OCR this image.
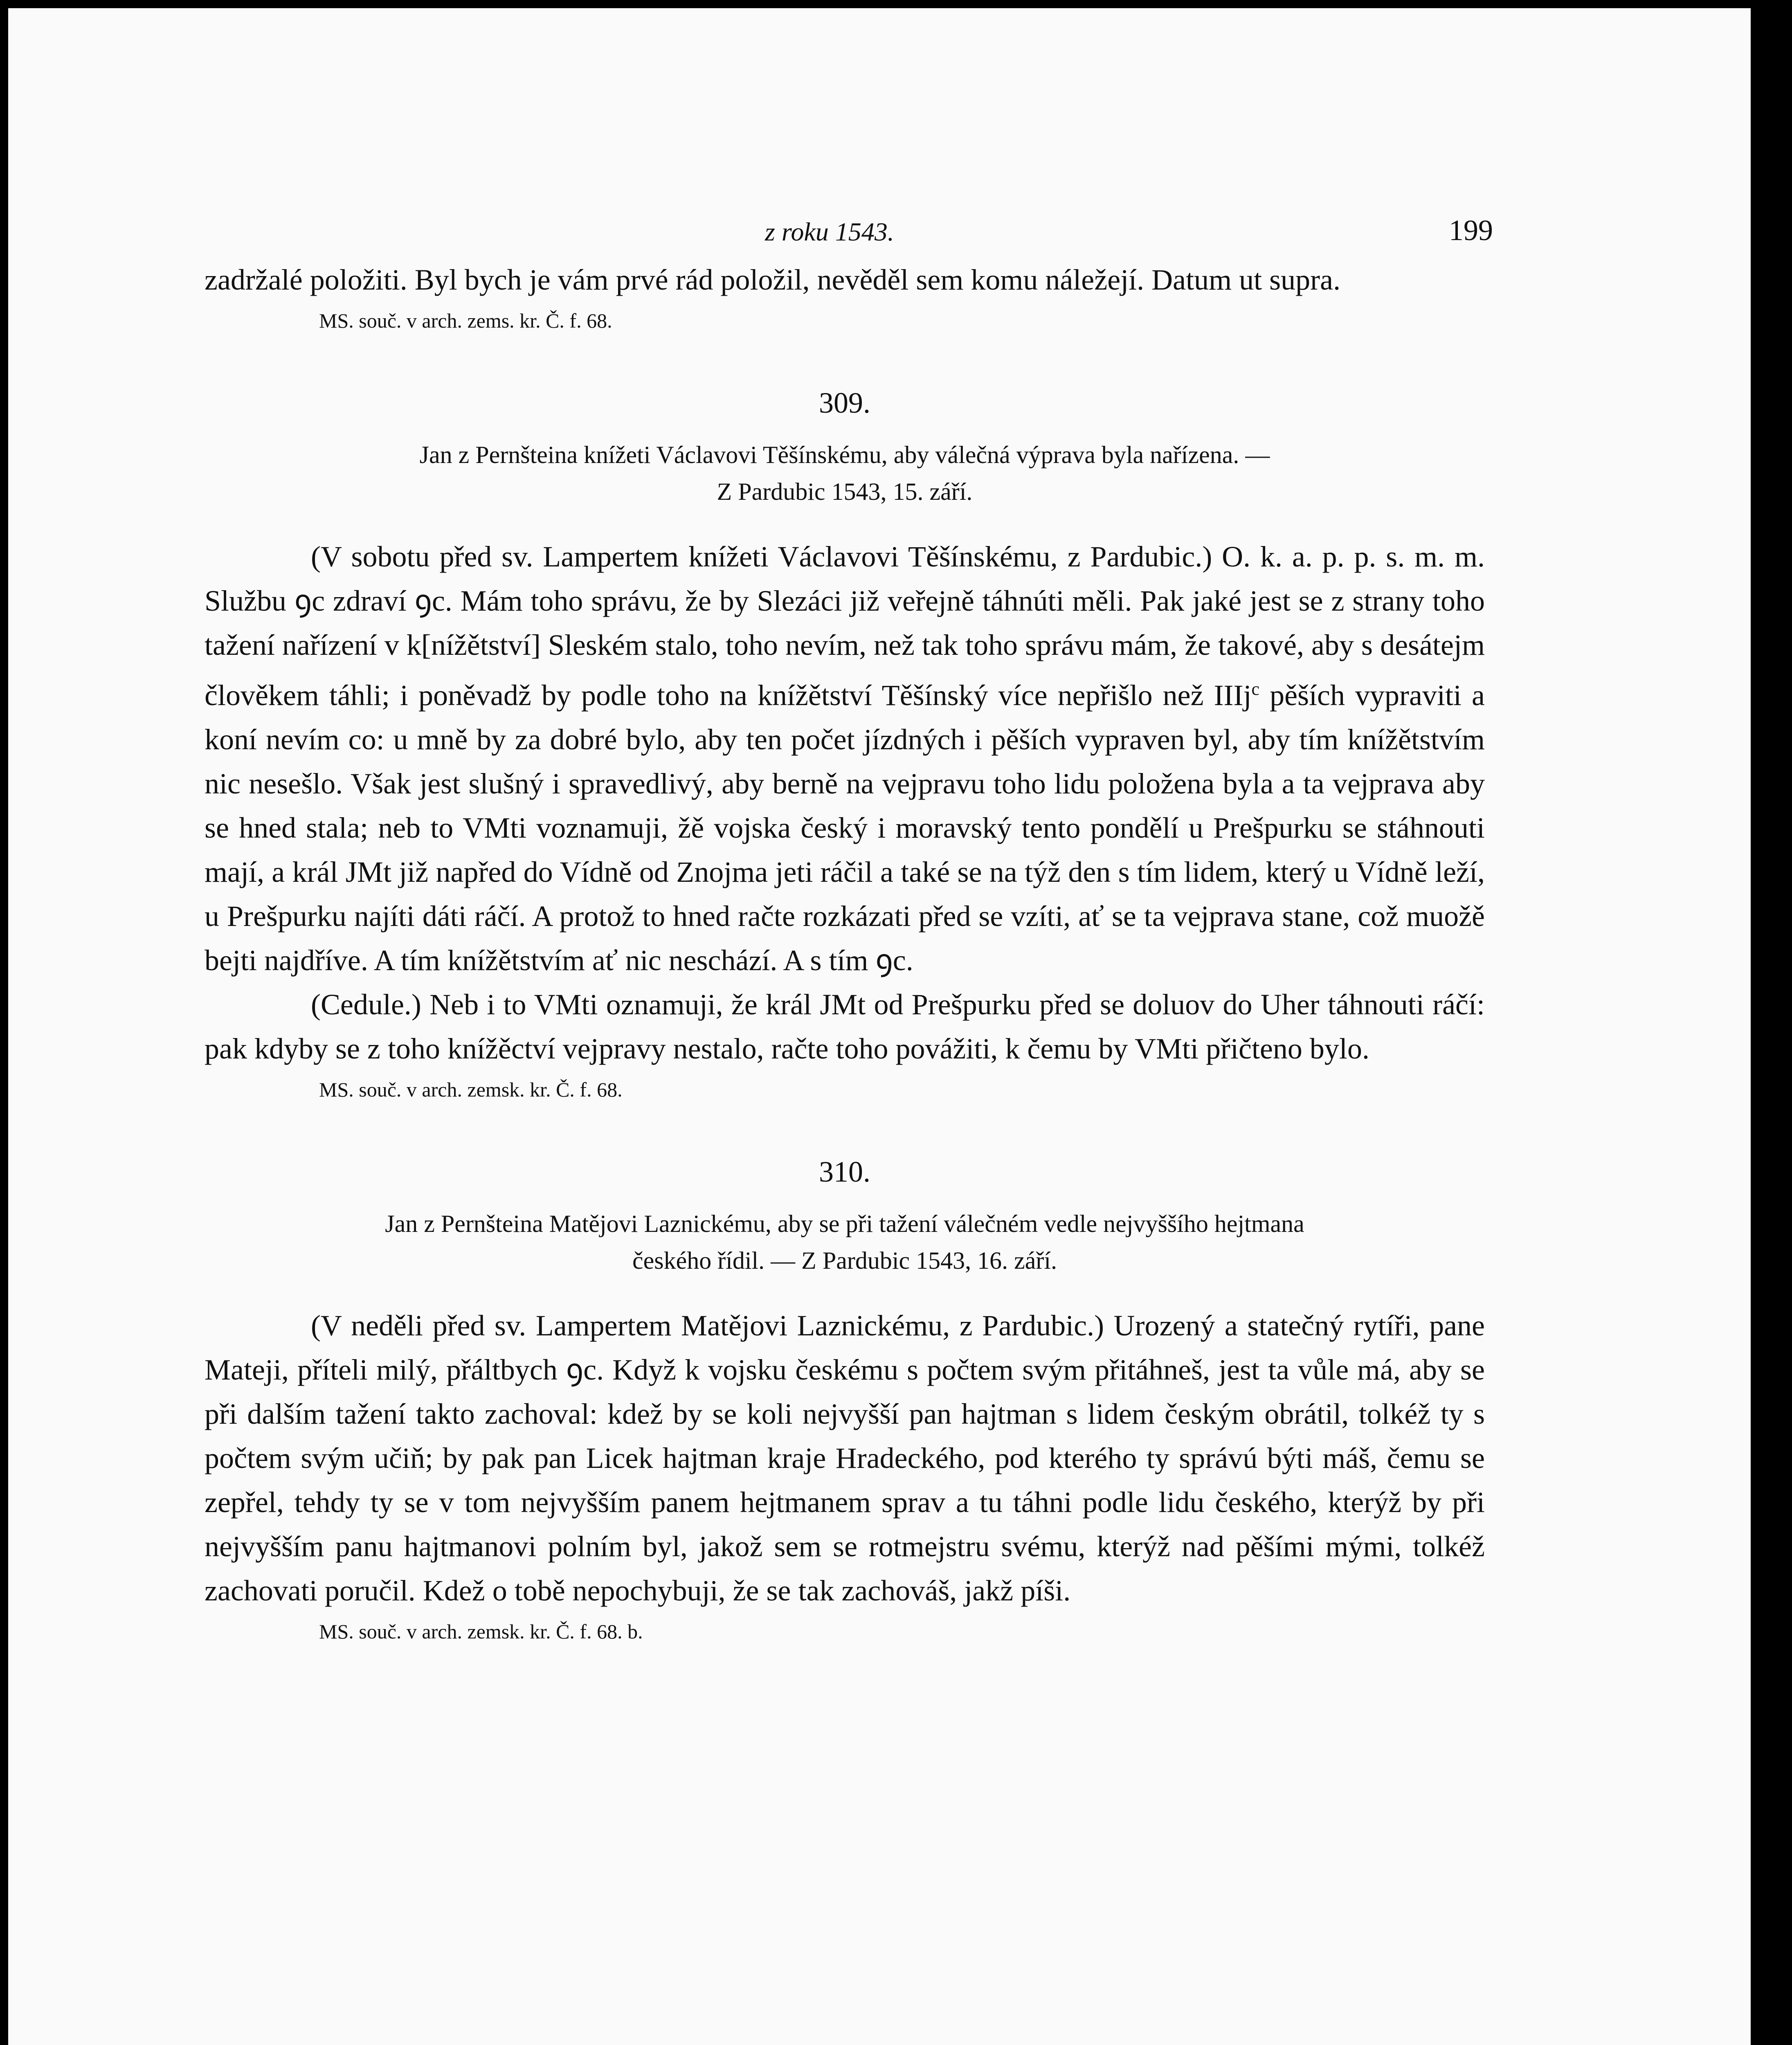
z roku 1543.	199

zadržalé položiti. Byl bych je vám prvé rád položil, nevěděl sem komu náležejí. Datum ut supra.

MS. souč. v arch. zems. kr. Č. f. 68.
309.
Jan z Pernšteina knížeti Václavovi Těšínskému, aby válečná výprava byla nařízena. —
Z Pardubic 1543, 15. září.

(V sobotu před sv. Lampertem knížeti Václavovi Těšínskému, z Pardubic.) O. k. a. p. p. s. m. m. Službu ꝯc zdraví ꝯc. Mám toho správu, že by Slezáci již veřejně táhnúti měli. Pak jaké jest se z strany toho tažení nařízení v k[nížětství] Sleském stalo, toho nevím, než tak toho správu mám, že takové, aby s desátejm člověkem táhli; i poněvadž by podle toho na knížětství Těšínský více nepřišlo než IIIj$^c$ pěších vypraviti a koní nevím co: u mně by za dobré bylo, aby ten počet jízdných i pěších vypraven byl, aby tím knížětstvím nic nesešlo. Však jest slušný i spravedlivý, aby berně na vejpravu toho lidu položena byla a ta vejprava aby se hned stala; neb to VMti voznamuji, žě vojska český i moravský tento pondělí u Prešpurku se stáhnouti mají, a král JMt již napřed do Vídně od Znojma jeti ráčil a také se na týž den s tím lidem, který u Vídně leží, u Prešpurku najíti dáti ráčí. A protož to hned račte rozkázati před se vzíti, ať se ta vejprava stane, což muožě bejti najdříve. A tím knížětstvím ať nic neschází. A s tím ꝯc.

(Cedule.) Neb i to VMti oznamuji, že král JMt od Prešpurku před se doluov do Uher táhnouti ráčí: pak kdyby se z toho knížěctví vejpravy nestalo, račte toho povážiti, k čemu by VMti přičteno bylo.

MS. souč. v arch. zemsk. kr. Č. f. 68.
310.
Jan z Pernšteina Matějovi Laznickému, aby se při tažení válečném vedle nejvyššího hejtmana
českého řídil. — Z Pardubic 1543, 16. září.

(V neděli před sv. Lampertem Matějovi Laznickému, z Pardubic.) Urozený a statečný rytíři, pane Mateji, příteli milý, přáltbych ꝯc. Když k vojsku českému s počtem svým přitáhneš, jest ta vůle má, aby se při dalším tažení takto zachoval: kdež by se koli nejvyšší pan hajtman s lidem českým obrátil, tolkéž ty s počtem svým učiň; by pak pan Licek hajtman kraje Hradeckého, pod kterého ty správú býti máš, čemu se zepřel, tehdy ty se v tom nejvyšším panem hejtmanem sprav a tu táhni podle lidu českého, kterýž by při nejvyšším panu hajtmanovi polním byl, jakož sem se rotmejstru svému, kterýž nad pěšími mými, tolkéž zachovati poručil. Kdež o tobě nepochybuji, že se tak zachováš, jakž píši.

MS. souč. v arch. zemsk. kr. Č. f. 68. b.
